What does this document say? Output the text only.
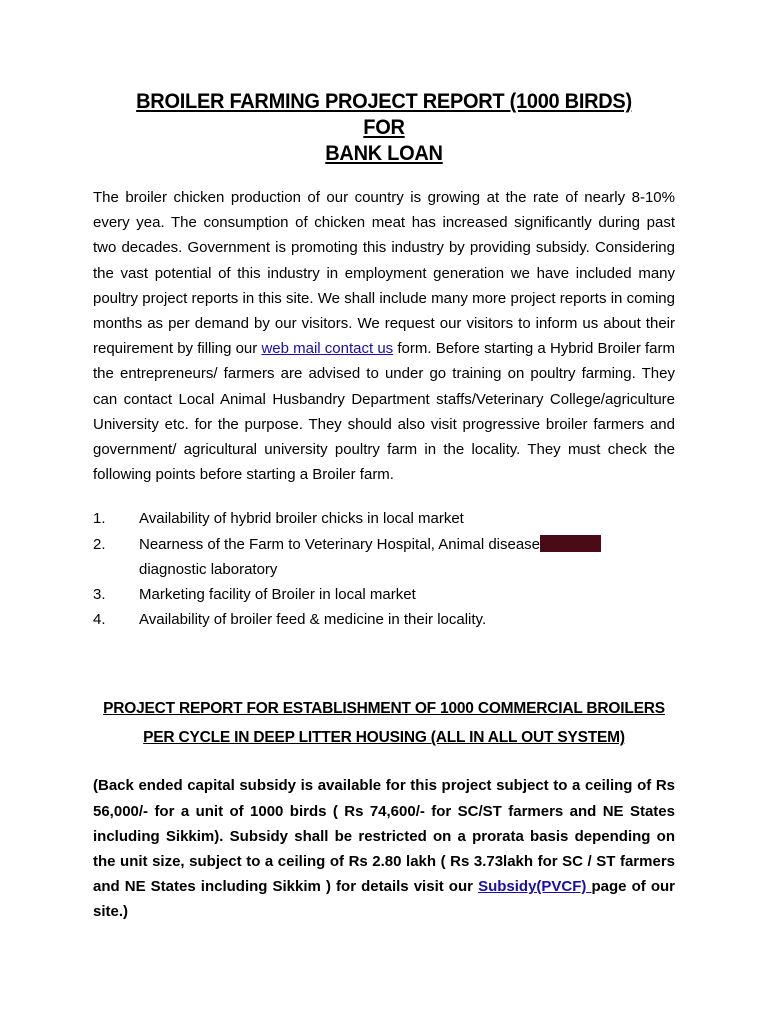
BROILER FARMING PROJECT REPORT (1000 BIRDS) FOR
BANK LOAN

The broiler chicken production of our country is growing at the rate of nearly 8-10% every yea. The consumption of chicken meat has increased significantly during past two decades. Government is promoting this industry by providing subsidy. Considering the vast potential of this industry in employment generation we have included many poultry project reports in this site. We shall include many more project reports in coming months as per demand by our visitors. We request our visitors to inform us about their requirement by filling our web mail contact us form. Before starting a Hybrid Broiler farm the entrepreneurs/ farmers are advised to under go training on poultry farming. They can contact Local Animal Husbandry Department staffs/Veterinary College/agriculture University etc. for the purpose. They should also visit progressive broiler farmers and government/ agricultural university poultry farm in the locality. They must check the following points before starting a Broiler farm.

1.	Availability of hybrid broiler chicks in local market
2.	Nearness of the Farm to Veterinary Hospital, Animal disease
diagnostic laboratory
3.	Marketing facility of Broiler in local market
4.	Availability of broiler feed & medicine in their locality.
PROJECT REPORT FOR ESTABLISHMENT OF 1000 COMMERCIAL BROILERS
PER CYCLE IN DEEP LITTER HOUSING (ALL IN ALL OUT SYSTEM)

(Back ended capital subsidy is available for this project subject to a ceiling of Rs 56,000/- for a unit of 1000 birds ( Rs 74,600/- for SC/ST farmers and NE States including Sikkim). Subsidy shall be restricted on a prorata basis depending on the unit size, subject to a ceiling of Rs 2.80 lakh ( Rs 3.73lakh for SC / ST farmers and NE States including Sikkim ) for details visit our Subsidy(PVCF) page of our site.)
